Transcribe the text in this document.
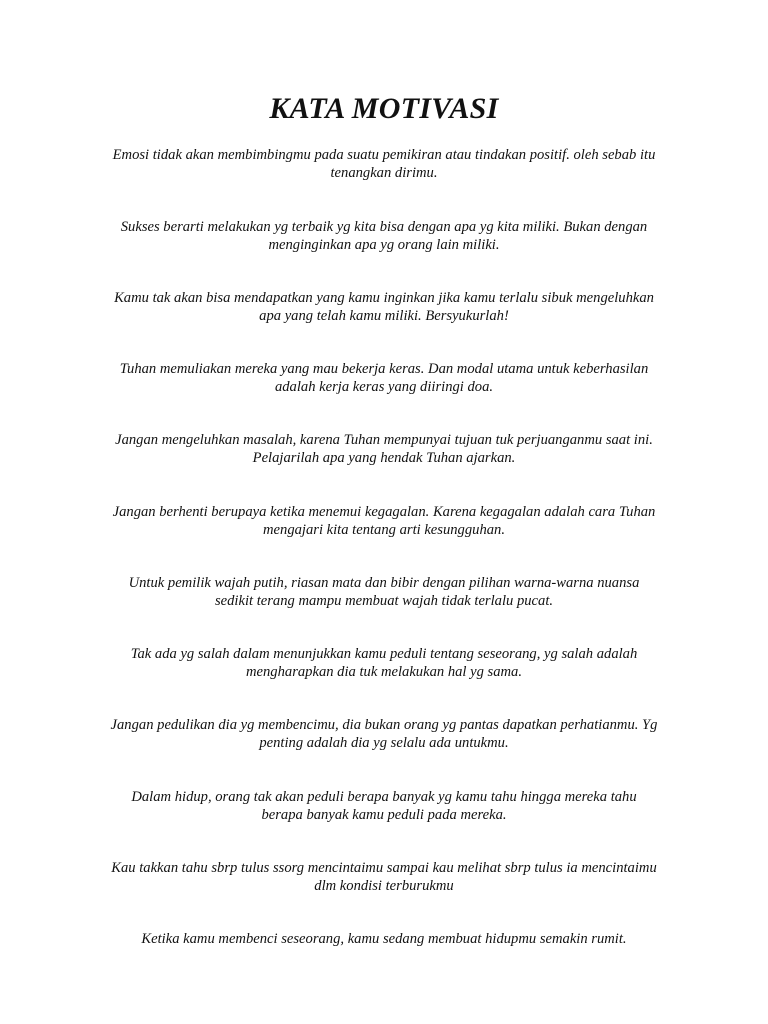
KATA MOTIVASI

Emosi tidak akan membimbingmu pada suatu pemikiran atau tindakan positif. oleh sebab itu
tenangkan dirimu.

Sukses berarti melakukan yg terbaik yg kita bisa dengan apa yg kita miliki. Bukan dengan
menginginkan apa yg orang lain miliki.

Kamu tak akan bisa mendapatkan yang kamu inginkan jika kamu terlalu sibuk mengeluhkan
apa yang telah kamu miliki. Bersyukurlah!

Tuhan memuliakan mereka yang mau bekerja keras. Dan modal utama untuk keberhasilan
adalah kerja keras yang diiringi doa.

Jangan mengeluhkan masalah, karena Tuhan mempunyai tujuan tuk perjuanganmu saat ini.
Pelajarilah apa yang hendak Tuhan ajarkan.

Jangan berhenti berupaya ketika menemui kegagalan. Karena kegagalan adalah cara Tuhan
mengajari kita tentang arti kesungguhan.

Untuk pemilik wajah putih, riasan mata dan bibir dengan pilihan warna-warna nuansa
sedikit terang mampu membuat wajah tidak terlalu pucat.

Tak ada yg salah dalam menunjukkan kamu peduli tentang seseorang, yg salah adalah
mengharapkan dia tuk melakukan hal yg sama.

Jangan pedulikan dia yg membencimu, dia bukan orang yg pantas dapatkan perhatianmu. Yg
penting adalah dia yg selalu ada untukmu.

Dalam hidup, orang tak akan peduli berapa banyak yg kamu tahu hingga mereka tahu
berapa banyak kamu peduli pada mereka.

Kau takkan tahu sbrp tulus ssorg mencintaimu sampai kau melihat sbrp tulus ia mencintaimu
dlm kondisi terburukmu

Ketika kamu membenci seseorang, kamu sedang membuat hidupmu semakin rumit.
